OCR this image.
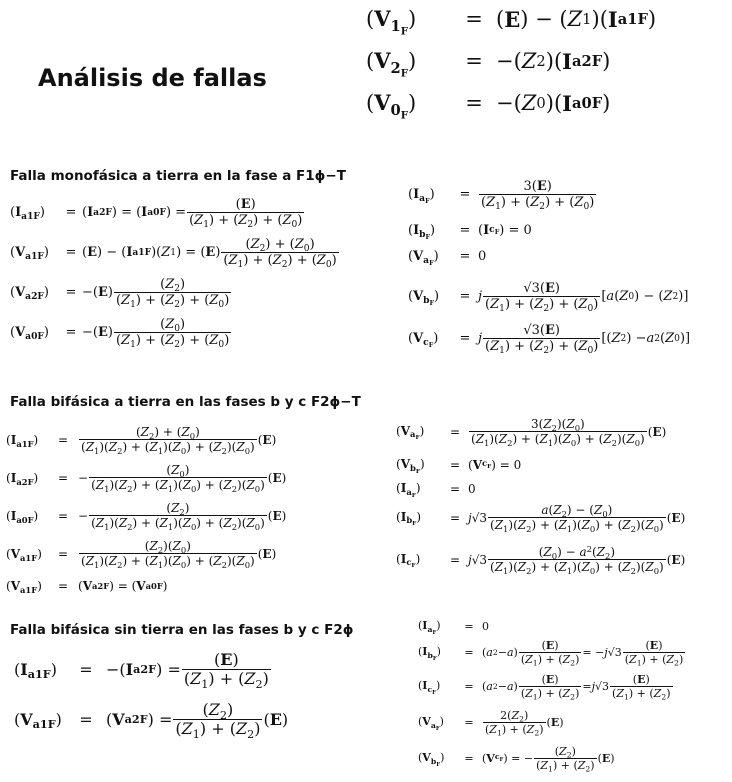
Análisis de fallas
$(V_{1_F})$	= ( E ) − ( Z 1 )( I a1F )
$(V_{2_F})$	= −( Z 2 )( I a2F )
$(V_{0_F})$	= −( Z 0 )( I a0F )
Falla monofásica a tierra en la fase a F1ϕ−T
$(I_{a1F})$	= ( I a2F ) = ( I a0F ) = $\frac{(E)}{(Z_1) + (Z_2) + (Z_0)}$
$(V_{a1F})$	= ( E ) − ( I a1F )( Z 1 ) = ( E ) $\frac{(Z_2) + (Z_0)}{(Z_1) + (Z_2) + (Z_0)}$
$(V_{a2F})$	= −( E ) $\frac{(Z_2)}{(Z_1) + (Z_2) + (Z_0)}$
$(V_{a0F})$	= −( E ) $\frac{(Z_0)}{(Z_1) + (Z_2) + (Z_0)}$
$(I_{a_F})$	= $\frac{3(E)}{(Z_1) + (Z_2) + (Z_0)}$
$(I_{b_F})$	= ( I $c_F$ ) = 0
$(V_{a_F})$	= 0
$(V_{b_F})$	= j $\frac{√3(E)}{(Z_1) + (Z_2) + (Z_0)}$ [ a ( Z 0 ) − ( Z 2 )]
$(V_{c_F})$	= j $\frac{√3(E)}{(Z_1) + (Z_2) + (Z_0)}$ [( Z 2 ) − a 2 ( Z 0 )]
Falla bifásica a tierra en las fases b y c F2ϕ−T
$(I_{a1F})$	= $\frac{(Z_2) + (Z_0)}{(Z_1)(Z_2) + (Z_1)(Z_0) + (Z_2)(Z_0)}$ ( E )
$(I_{a2F})$	= − $\frac{(Z_0)}{(Z_1)(Z_2) + (Z_1)(Z_0) + (Z_2)(Z_0)}$ ( E )
$(I_{a0F})$	= − $\frac{(Z_2)}{(Z_1)(Z_2) + (Z_1)(Z_0) + (Z_2)(Z_0)}$ ( E )
$(V_{a1F})$	= $\frac{(Z_2)(Z_0)}{(Z_1)(Z_2) + (Z_1)(Z_0) + (Z_2)(Z_0)}$ ( E )
$(V_{a1F})$	= ( V a2F ) = ( V a0F )
$(V_{a_F})$	= $\frac{3(Z_2)(Z_0)}{(Z_1)(Z_2) + (Z_1)(Z_0) + (Z_2)(Z_0)}$ ( E )
$(V_{b_F})$	= ( V $c_F$ ) = 0
$(I_{a_F})$	= 0
$(I_{b_F})$	= j $√3 \frac{a(Z_2) - (Z_0)}{(Z_1)(Z_2) + (Z_1)(Z_0) + (Z_2)(Z_0)}$ ( E )
$(I_{c_F})$	= j $√3 \frac{(Z_0) - a^2(Z_2)}{(Z_1)(Z_2) + (Z_1)(Z_0) + (Z_2)(Z_0)}$ ( E )
Falla bifásica sin tierra en las fases b y c F2ϕ
$(I_{a1F})$	= −( I a2F ) = $\frac{(E)}{(Z_1) + (Z_2)}$
$(V_{a1F})$	= ( V a2F ) = $\frac{(Z_2)}{(Z_1) + (Z_2)}$ ( E )
$(I_{a_F})$	= 0
$(I_{b_F})$	= ( a 2 − a ) $\frac{(E)}{(Z_1) + (Z_2)}$ = − j $√3 \frac{(E)}{(Z_1) + (Z_2)}$
$(I_{c_F})$	= ( a 2 − a ) $\frac{(E)}{(Z_1) + (Z_2)} = j$ $√3 \frac{(E)}{(Z_1) + (Z_2)}$
$(V_{a_F})$	= $\frac{2(Z_2)}{(Z_1) + (Z_2)}$ ( E )
$(V_{b_F})$	= ( V $c_F$ ) = − $\frac{(Z_2)}{(Z_1) + (Z_2)}$ ( E )
